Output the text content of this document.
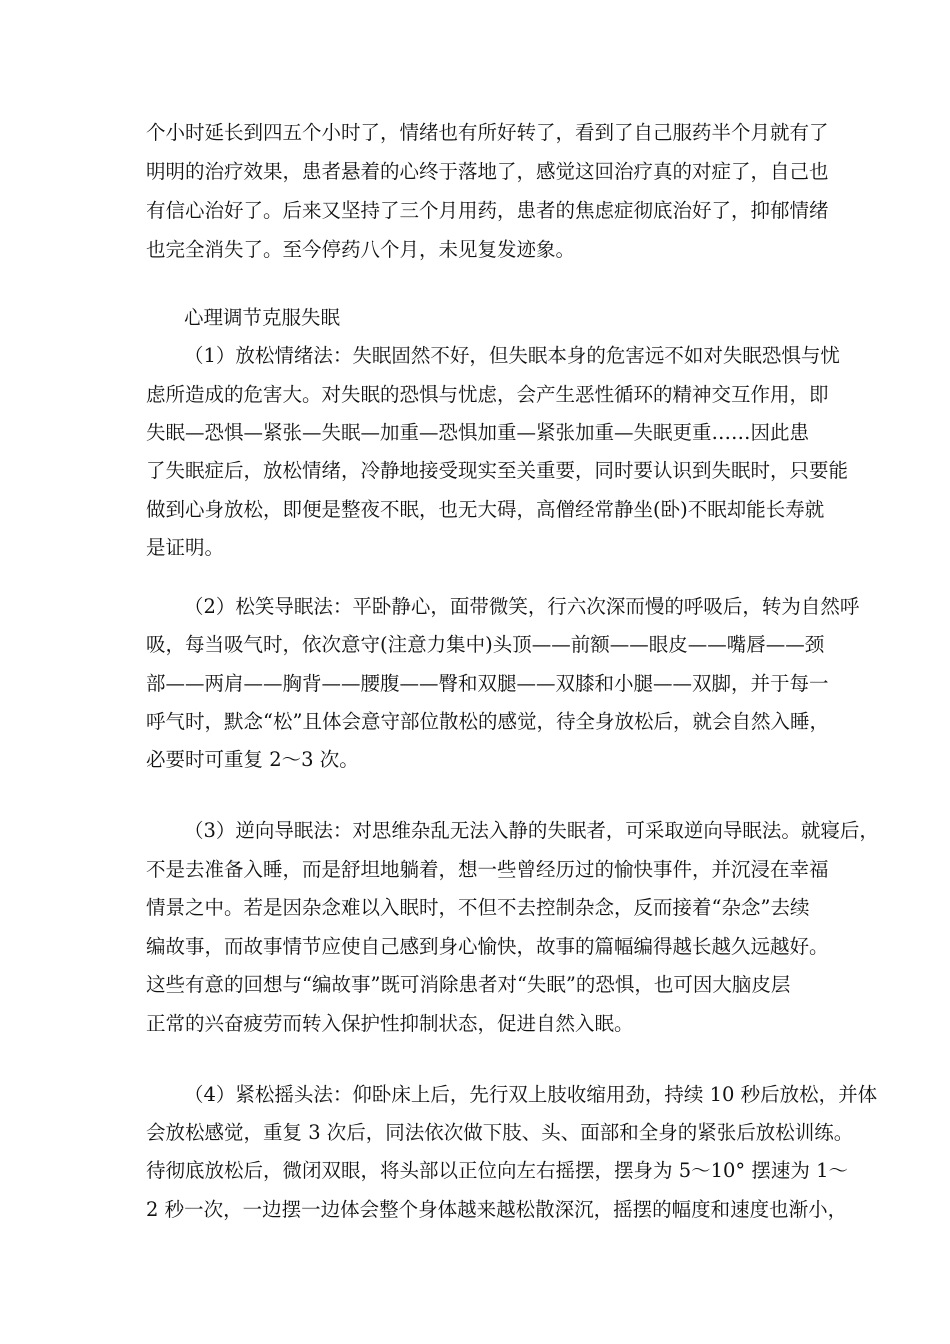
个小时延长到四五个小时了，情绪也有所好转了，看到了自己服药半个月就有了
明明的治疗效果，患者悬着的心终于落地了，感觉这回治疗真的对症了，自己也
有信心治好了。后来又坚持了三个月用药，患者的焦虑症彻底治好了，抑郁情绪
也完全消失了。至今停药八个月，未见复发迹象。
心理调节克服失眠
（1）放松情绪法：失眠固然不好，但失眠本身的危害远不如对失眠恐惧与忧
虑所造成的危害大。对失眠的恐惧与忧虑，会产生恶性循环的精神交互作用，即
失眠—恐惧—紧张—失眠—加重—恐惧加重—紧张加重—失眠更重……因此患
了失眠症后，放松情绪，冷静地接受现实至关重要，同时要认识到失眠时，只要能
做到心身放松，即便是整夜不眠，也无大碍，高僧经常静坐(卧)不眠却能长寿就
是证明。
（2）松笑导眠法：平卧静心，面带微笑，行六次深而慢的呼吸后，转为自然呼
吸，每当吸气时，依次意守(注意力集中)头顶——前额——眼皮——嘴唇——颈
部——两肩——胸背——腰腹——臀和双腿——双膝和小腿——双脚，并于每一
呼气时，默念“松”且体会意守部位散松的感觉，待全身放松后，就会自然入睡，
必要时可重复 2～3 次。
（3）逆向导眠法：对思维杂乱无法入静的失眠者，可采取逆向导眠法。就寝后，
不是去准备入睡，而是舒坦地躺着，想一些曾经历过的愉快事件，并沉浸在幸福
情景之中。若是因杂念难以入眠时，不但不去控制杂念，反而接着“杂念”去续
编故事，而故事情节应使自己感到身心愉快，故事的篇幅编得越长越久远越好。
这些有意的回想与“编故事”既可消除患者对“失眠”的恐惧，也可因大脑皮层
正常的兴奋疲劳而转入保护性抑制状态，促进自然入眠。
（4）紧松摇头法：仰卧床上后，先行双上肢收缩用劲，持续 10 秒后放松，并体
会放松感觉，重复 3 次后，同法依次做下肢、头、面部和全身的紧张后放松训练。
待彻底放松后，微闭双眼，将头部以正位向左右摇摆，摆身为 5～10° 摆速为 1～
2 秒一次，一边摆一边体会整个身体越来越松散深沉，摇摆的幅度和速度也渐小，
